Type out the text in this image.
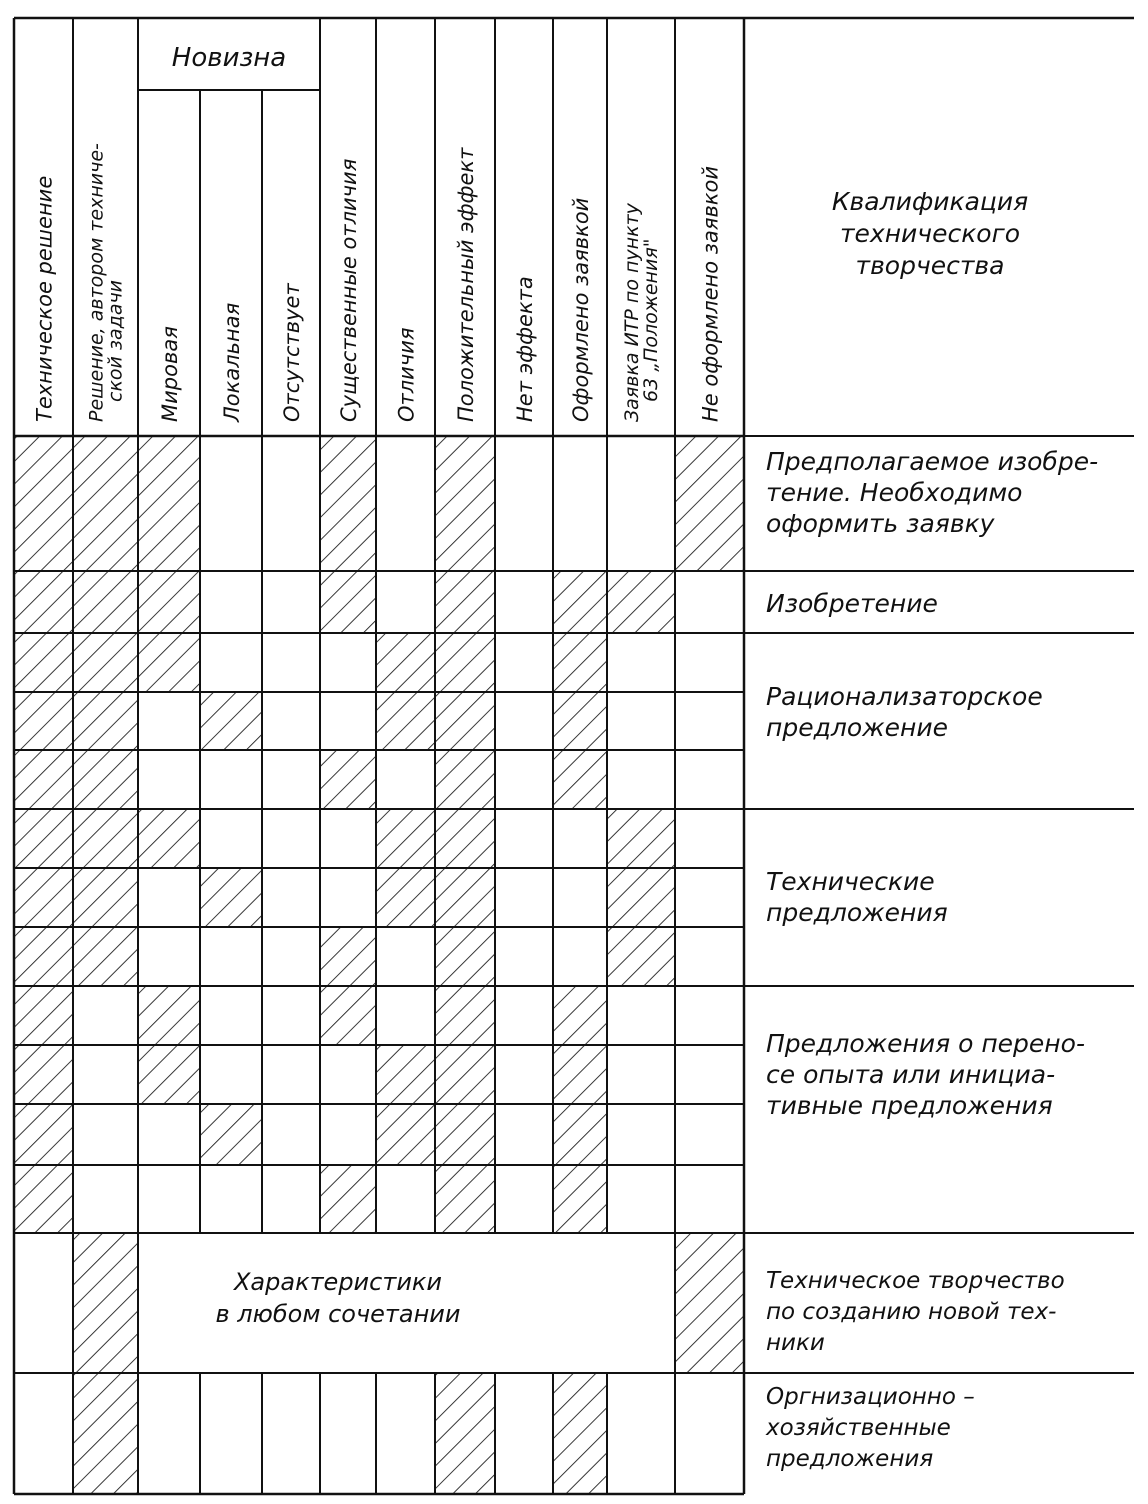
Техническое решение Решение, автором техниче-
ской задачи Мировая Локальная Отсутствует Существенные отличия Отличия Положительный эффект Нет эффекта Оформлено заявкой Заявка ИТР по пункту
63 „Положения" Не оформлено заявкой
Новизна
Квалификация
технического
творчества
Характеристики
в любом сочетании
Предполагаемое изобре-
тение. Необходимо
оформить заявку
Изобретение
Рационализаторское
предложение
Технические
предложения
Предложения о перено-
се опыта или инициа-
тивные предложения
Техническое творчество
по созданию новой тех-
ники
Оргнизационно –
хозяйственные
предложения
